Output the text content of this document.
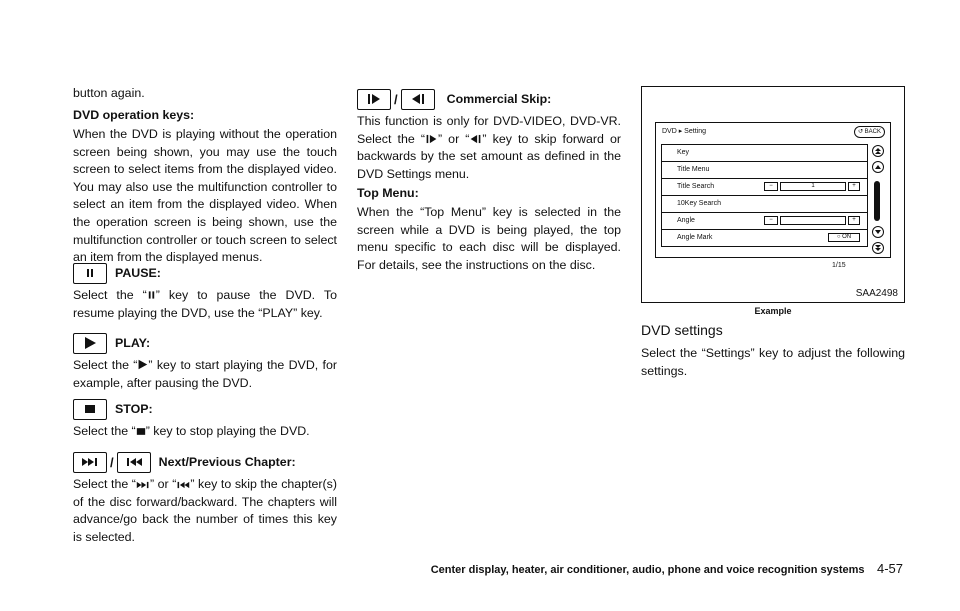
button again.

DVD operation keys:

When the DVD is playing without the operation screen being shown, you may use the touch screen to select items from the displayed video. You may also use the multifunction controller to select an item from the displayed video. When the operation screen is being shown, use the multifunction controller or touch screen to select an item from the displayed menus.

PAUSE:

Select the “ ” key to pause the DVD. To resume playing the DVD, use the “PLAY” key.

PLAY:

Select the “ ” key to start playing the DVD, for example, after pausing the DVD.

STOP:

Select the “ ” key to stop playing the DVD.

/	Next/Previous Chapter:

Select the “ ” or “ ” key to skip the chapter(s) of the disc forward/backward. The chapters will advance/go back the number of times this key is selected.

/	Commercial Skip:

This function is only for DVD-VIDEO, DVD-VR. Select the “ ” or “ ” key to skip forward or backwards by the set amount as defined in the DVD Settings menu.

Top Menu:

When the “Top Menu” key is selected in the screen while a DVD is being played, the top menu specific to each disc will be displayed. For details, see the instructions on the disc.

DVD ▸ Setting	↺ BACK
Key
Title Menu
Title Search	−	1	+
10Key Search
Angle	−	+
Angle Mark	○ ON
1/15
SAA2498
Example
DVD settings

Select the “Settings” key to adjust the following settings.

Center display, heater, air conditioner, audio, phone and voice recognition systems 4-57
